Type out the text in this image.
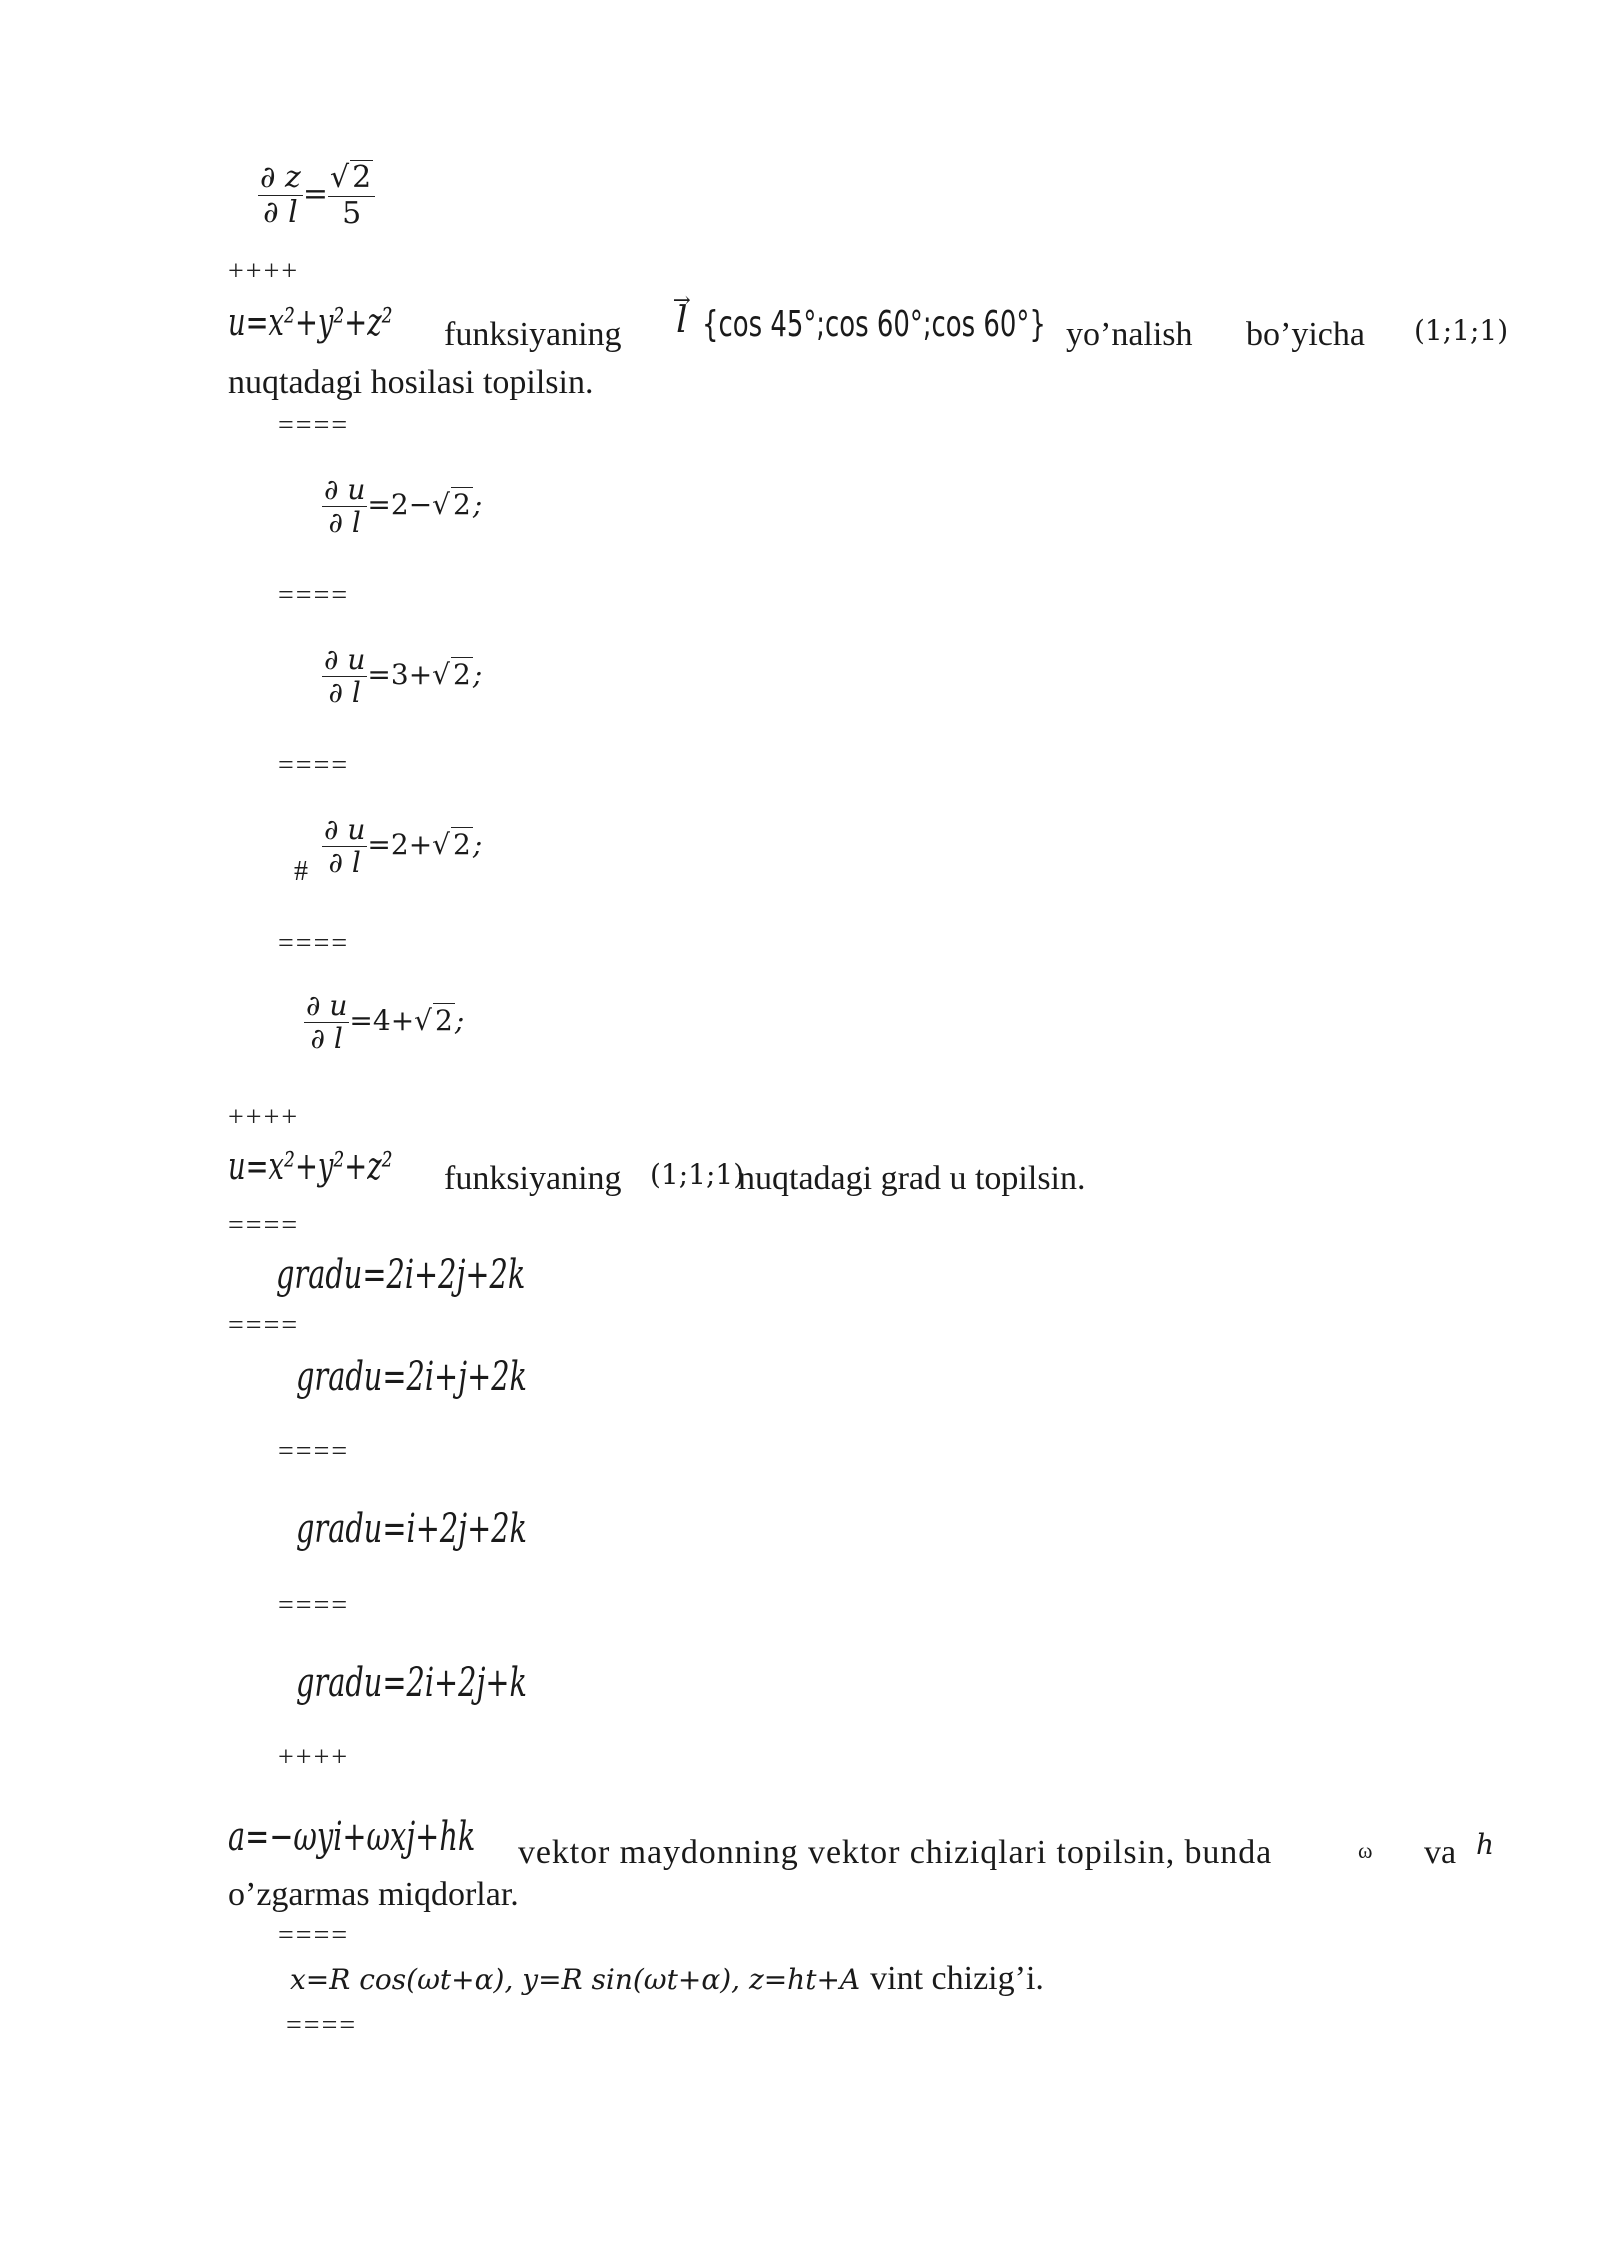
$\frac{\partial z}{\partial l} = \frac{√ 2}{5}$
++++
u=x²+y²+z²	funksiyaning l → {cos 45°;cos 60°;cos 60°} yo’nalish bo’yicha (1;1;1)
nuqtadagi hosilasi topilsin.
====
$\frac{\partial u}{\partial l} =2-√$ 2;
====
$\frac{\partial u}{\partial l} =3+√$ 2;
====
# $\frac{\partial u}{\partial l} =2+√$ 2;
====
$\frac{\partial u}{\partial l} =4+√$ 2;
++++
u=x²+y²+z²	funksiyaning (1;1;1)
nuqtadagi grad u topilsin.
====
gradu=2i+2j+2k
====
gradu=2i+j+2k
====
gradu=i+2j+2k
====
gradu=2i+2j+k
++++
a=−ωyi+ωxj+hk	vektor maydonning vektor chiziqlari topilsin, bunda	ω va h
o’zgarmas miqdorlar.
====
x=R cos(ωt+α), y=R sin(ωt+α), z=ht+A vint chizig’i.
====
